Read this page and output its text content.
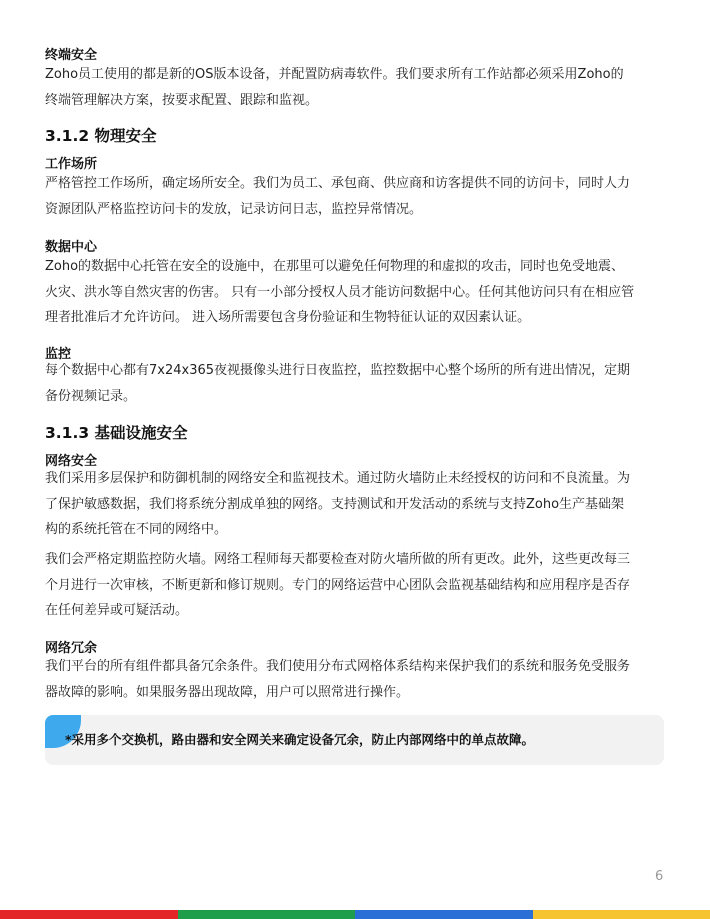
终端安全
Zoho员工使用的都是新的OS版本设备，并配置防病毒软件。我们要求所有工作站都必须采用Zoho的
终端管理解决方案，按要求配置、跟踪和监视。
3.1.2 物理安全
工作场所
严格管控工作场所，确定场所安全。我们为员工、承包商、供应商和访客提供不同的访问卡，同时人力
资源团队严格监控访问卡的发放，记录访问日志，监控异常情况。
数据中心
Zoho的数据中心托管在安全的设施中，在那里可以避免任何物理的和虚拟的攻击，同时也免受地震、
火灾、洪水等自然灾害的伤害。 只有一小部分授权人员才能访问数据中心。任何其他访问只有在相应管
理者批准后才允许访问。 进入场所需要包含身份验证和生物特征认证的双因素认证。
监控
每个数据中心都有7x24x365夜视摄像头进行日夜监控，监控数据中心整个场所的所有进出情况，定期
备份视频记录。
3.1.3 基础设施安全
网络安全
我们采用多层保护和防御机制的网络安全和监视技术。通过防火墙防止未经授权的访问和不良流量。为
了保护敏感数据，我们将系统分割成单独的网络。支持测试和开发活动的系统与支持Zoho生产基础架
构的系统托管在不同的网络中。
我们会严格定期监控防火墙。网络工程师每天都要检查对防火墙所做的所有更改。此外，这些更改每三
个月进行一次审核，不断更新和修订规则。专门的网络运营中心团队会监视基础结构和应用程序是否存
在任何差异或可疑活动。
网络冗余
我们平台的所有组件都具备冗余条件。我们使用分布式网格体系结构来保护我们的系统和服务免受服务
器故障的影响。如果服务器出现故障，用户可以照常进行操作。
*采用多个交换机，路由器和安全网关来确定设备冗余，防止内部网络中的单点故障。
6
